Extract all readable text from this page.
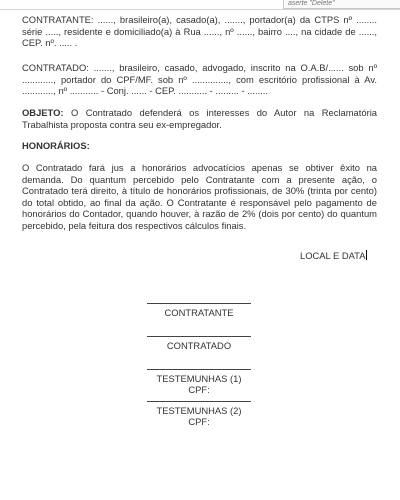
aserte "Delete"

CONTRATANTE: ......, brasileiro(a), casado(a), ......., portador(a) da CTPS nº ........ série ....., residente e domiciliado(a) à Rua ......, nº ......, bairro ...., na cidade de ......, CEP. nº. ..... .

CONTRATADO: ......., brasileiro, casado, advogado, inscrito na O.A.B/...... sob nº ............, portador do CPF/MF. sob nº .............., com escritório profissional à Av. ............, nº ........... - Conj. ...... - CEP. ........... - ......... - ........

OBJETO: O Contratado defenderá os interesses do Autor na Reclamatória Trabalhista proposta contra seu ex-empregador.

HONORÁRIOS:

O Contratado fará jus a honorários advocatícios apenas se obtiver êxito na demanda. Do quantum percebido pelo Contratante com a presente ação, o Contratado terá direito, à título de honorários profissionais, de 30% (trinta por cento) do total obtido, ao final da ação. O Contratante é responsável pelo pagamento de honorários do Contador, quando houver, à razão de 2% (dois por cento) do quantum percebido, pela feitura dos respectivos cálculos finais.

LOCAL E DATA
CONTRATANTE
CONTRATADO
TESTEMUNHAS (1)
CPF:
TESTEMUNHAS (2)
CPF:
